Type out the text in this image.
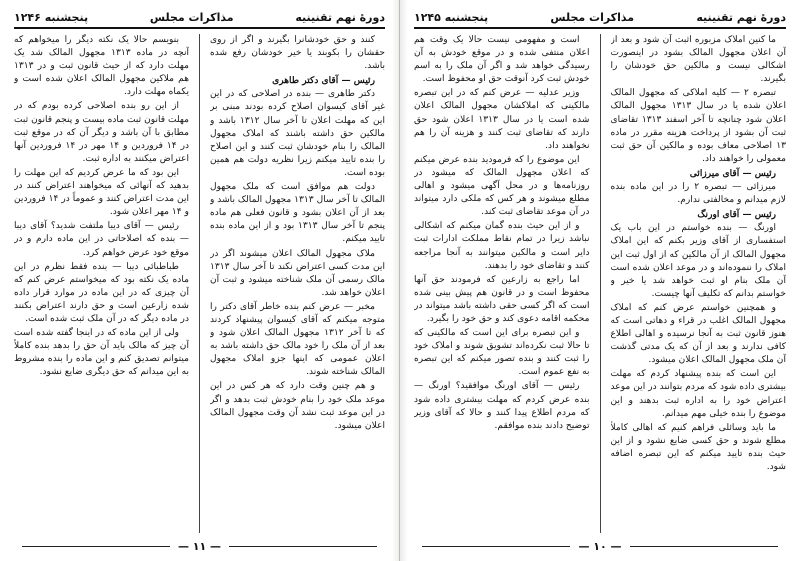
دورهٔ نهم تقنینیه
مذاکرات مجلس
پنجشنبه ۱۲۴۶

بنویسم حالا یک نکته دیگر را میخواهم که آنچه در ماده ۱۳۱۳ مجهول المالک شد یک مهلت دارد که از حیث قانون ثبت و در ۱۳۱۳ هم ملاکین مجهول المالک اعلان شده است و یکماه مهلت دارد.

از این رو بنده اصلاحی کرده بودم که در مهلت قانون ثبت ماده بیست و پنجم قانون ثبت مطابق با آن باشد و دیگر آن که در موقع ثبت در ۱۴ فروردین و ۱۴ مهر در ۱۴ فروردین آنها اعتراض میکنند به اداره ثبت.

این بود که ما عرض کردیم که این مهلت را بدهید که آنهائی که میخواهند اعتراض کنند در این مدت اعتراض کنند و عموماً در ۱۴ فروردین و ۱۴ مهر اعلان شود.

رئیس — آقای دیبا ملتفت شدید؟ آقای دیبا — بنده که اصلاحاتی در این ماده دارم و در موقع خود عرض خواهم کرد.

طباطبائی دیبا — بنده فقط نظرم در این ماده یک نکته بود که میخواستم عرض کنم که آن چیزی که در این ماده در موارد قرار داده شده زارعین است و حق دارند اعتراض بکنند در ماده دیگر که در آن ملک ثبت شده است.

ولی از این ماده که در اینجا گفته شده است آن چیز که مالک باید آن حق را بدهد بنده کاملاً میتوانم تصدیق کنم و این ماده را بنده مشروط به این میدانم که حق دیگری ضایع نشود.

کنند و حق خودشانرا بگیرند و اگر از روی حقشان را بکوبند یا خیر خودشان رفع شده باشد.

رئیس — آقای دکتر طاهری

دکتر طاهری — بنده در اصلاحی که در این غیر آقای کیسوان اصلاح کرده بودند مبنی بر این که مهلت اعلان تا آخر سال ۱۳۱۲ باشد و مالکین حق داشته باشند که املاک مجهول المالک را بنام خودشان ثبت کنند و این اصلاح را بنده تایید میکنم زیرا نظریه دولت هم همین بوده است.

دولت هم موافق است که ملک مجهول المالک تا آخر سال ۱۳۱۳ مجهول المالک باشد و بعد از آن اعلان بشود و قانون فعلی هم ماده پنجم تا آخر سال ۱۳۱۳ بود و از این ماده بنده تایید میکنم.

ملاک مجهول المالک اعلان میشوند اگر در این مدت کسی اعتراض نکند تا آخر سال ۱۳۱۳ مالک رسمی آن ملک شناخته میشود و ثبت آن اعلان خواهد شد.

مخبر — عرض کنم بنده خاطر آقای دکتر را متوجه میکنم که آقای کیسوان پیشنهاد کردند که تا آخر ۱۳۱۲ مجهول المالک اعلان شود و بعد از آن ملک را خود مالک حق داشته باشد به اعلان عمومی که اینها جزو املاک مجهول المالک شناخته شوند.

و هم چنین وقت دارد که هر کس در این موعد ملک خود را بنام خودش ثبت بدهد و اگر در این موعد ثبت نشد آن وقت مجهول المالک اعلان میشود.

— ۱۱ —
دورهٔ نهم تقنینیه
مذاکرات مجلس
پنجشنبه ۱۲۴۵

است و مفهومی نیست حالا یک وقت هم اعلان منتفی شده و در موقع خودش به آن رسیدگی خواهد شد و اگر آن ملک را به اسم خودش ثبت کرد آنوقت حق او محفوظ است.

وزیر عدلیه — عرض کنم که در این تبصره مالکینی که املاکشان مجهول المالک اعلان شده است یا در سال ۱۳۱۳ اعلان شود حق دارند که تقاضای ثبت کنند و هزینه آن را هم نخواهند داد.

این موضوع را که فرمودید بنده عرض میکنم که اعلان مجهول المالک که میشود در روزنامه‌ها و در محل آگهی میشود و اهالی مطلع میشوند و هر کس که ملکی دارد میتواند در آن موعد تقاضای ثبت کند.

و از این حیث بنده گمان میکنم که اشکالی نباشد زیرا در تمام نقاط مملکت ادارات ثبت دایر است و مالکین میتوانند به آنجا مراجعه کنند و تقاضای خود را بدهند.

اما راجع به زارعین که فرمودند حق آنها محفوظ است و در قانون هم پیش بینی شده است که اگر کسی حقی داشته باشد میتواند در محکمه اقامه دعوی کند و حق خود را بگیرد.

و این تبصره برای این است که مالکینی که تا حالا ثبت نکرده‌اند تشویق شوند و املاک خود را ثبت کنند و بنده تصور میکنم که این تبصره به نفع عموم است.

رئیس — آقای اورنگ موافقید؟ اورنگ — بنده عرض کردم که مهلت بیشتری داده شود که مردم اطلاع پیدا کنند و حالا که آقای وزیر توضیح دادند بنده موافقم.

ما کنین املاک مزبوره اثبت آن شود و بعد از آن اعلان مجهول المالک بشود در اینصورت اشکالی نیست و مالکین حق خودشان را بگیرند.

تبصره ۲ — کلیه املاکی که مجهول المالک اعلان شده یا در سال ۱۳۱۳ مجهول المالک اعلان شود چنانچه تا آخر اسفند ۱۳۱۳ تقاضای ثبت آن بشود از پرداخت هزینه مقرر در ماده ۱۳ اصلاحی معاف بوده و مالکین آن حق ثبت معمولی را خواهند داد.

رئیس — آقای میرزائی

میرزائی — تبصره ۲ را در این ماده بنده لازم میدانم و مخالفتی ندارم.

رئیس — آقای اورنگ

اورنگ — بنده خواستم در این باب یک استفساری از آقای وزیر بکنم که این املاک مجهول المالک از آن مالکین که از اول ثبت این املاک را ننموده‌اند و در موعد اعلان شده است آن ملک بنام او ثبت خواهد شد یا خیر و خواستم بدانم که تکلیف آنها چیست.

و همچنین خواستم عرض کنم که املاک مجهول المالک اغلب در قراء و دهاتی است که هنوز قانون ثبت به آنجا نرسیده و اهالی اطلاع کافی ندارند و بعد از آن که یک مدتی گذشت آن ملک مجهول المالک اعلان میشود.

این است که بنده پیشنهاد کردم که مهلت بیشتری داده شود که مردم بتوانند در این موعد اعتراض خود را به اداره ثبت بدهند و این موضوع را بنده خیلی مهم میدانم.

ما باید وسائلی فراهم کنیم که اهالی کاملاً مطلع شوند و حق کسی ضایع نشود و از این حیث بنده تایید میکنم که این تبصره اضافه شود.

— ۱۰ —
